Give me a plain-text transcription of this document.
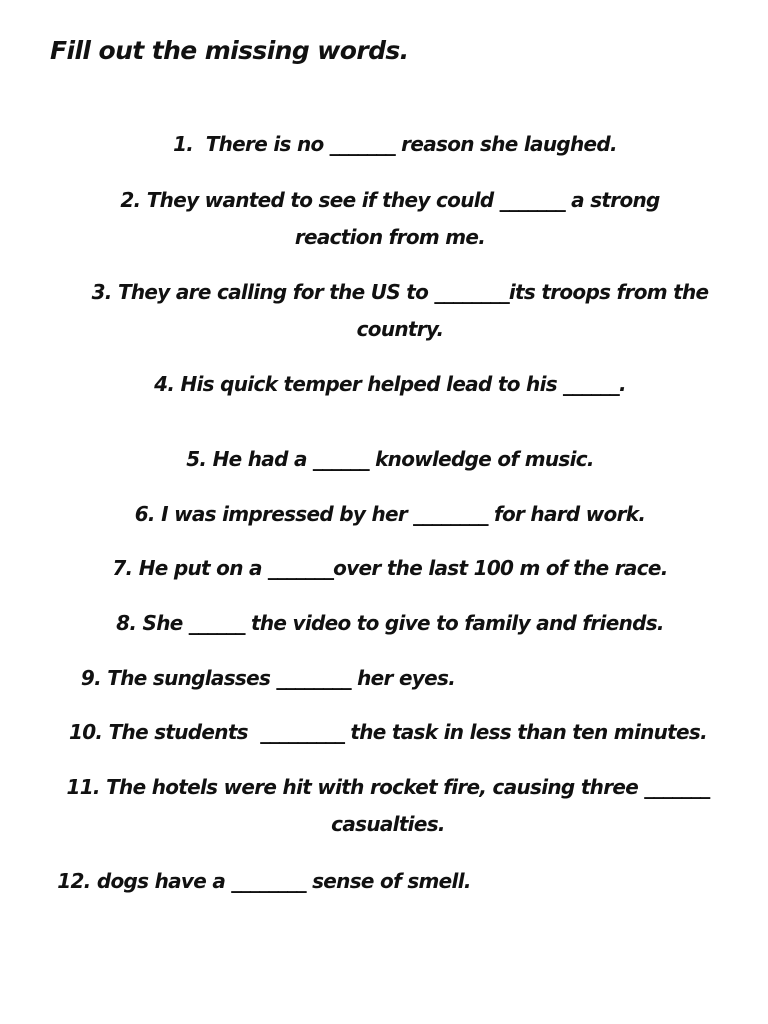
Fill out the missing words.
1.  There is no _______ reason she laughed.
2. They wanted to see if they could _______ a strong
reaction from me.
3. They are calling for the US to ________its troops from the
country.
4. His quick temper helped lead to his ______.
5. He had a ______ knowledge of music.
6. I was impressed by her ________ for hard work.
7. He put on a _______over the last 100 m of the race.
8. She ______ the video to give to family and friends.
9. The sunglasses ________ her eyes.
10. The students  _________ the task in less than ten minutes.
11. The hotels were hit with rocket fire, causing three _______
casualties.
12. dogs have a ________ sense of smell.
